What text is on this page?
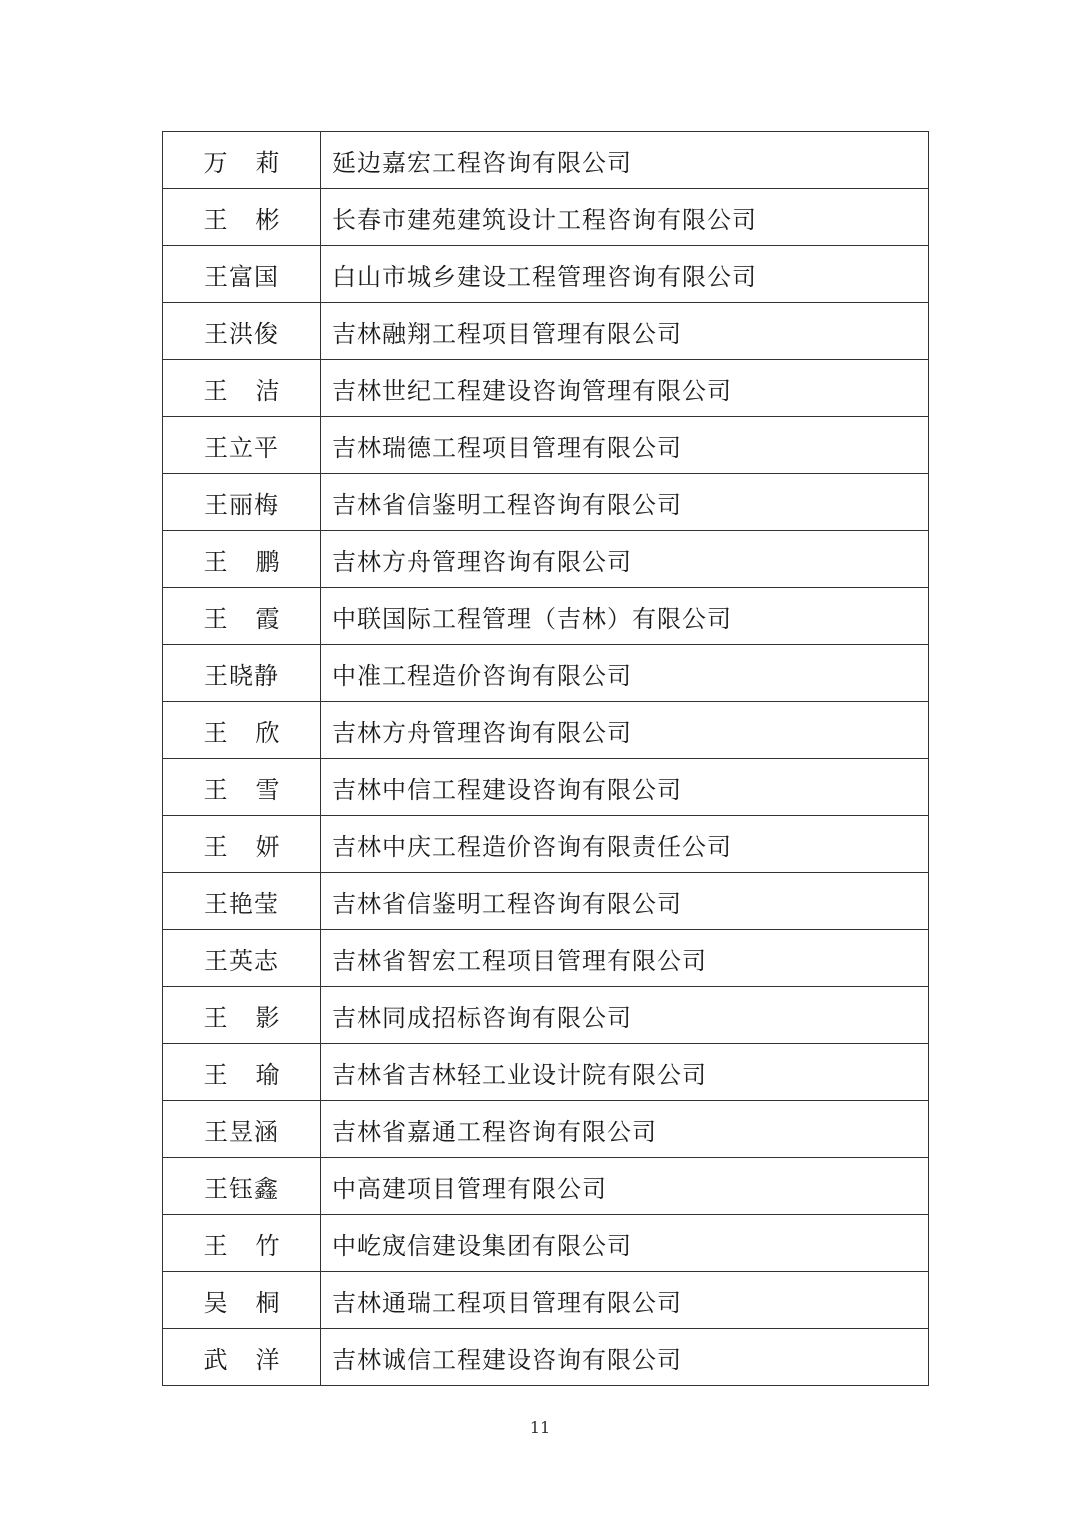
万 莉	延边嘉宏工程咨询有限公司

王 彬	长春市建苑建筑设计工程咨询有限公司

王富国	白山市城乡建设工程管理咨询有限公司

王洪俊	吉林融翔工程项目管理有限公司

王 洁	吉林世纪工程建设咨询管理有限公司

王立平	吉林瑞德工程项目管理有限公司

王丽梅	吉林省信鉴明工程咨询有限公司

王 鹏	吉林方舟管理咨询有限公司

王 霞	中联国际工程管理（吉林）有限公司

王晓静	中准工程造价咨询有限公司

王 欣	吉林方舟管理咨询有限公司

王 雪	吉林中信工程建设咨询有限公司

王 妍	吉林中庆工程造价咨询有限责任公司

王艳莹	吉林省信鉴明工程咨询有限公司

王英志	吉林省智宏工程项目管理有限公司

王 影	吉林同成招标咨询有限公司

王 瑜	吉林省吉林轻工业设计院有限公司

王昱涵	吉林省嘉通工程咨询有限公司

王钰鑫	中高建项目管理有限公司

王 竹	中屹宬信建设集团有限公司

吴 桐	吉林通瑞工程项目管理有限公司

武 洋	吉林诚信工程建设咨询有限公司
11
